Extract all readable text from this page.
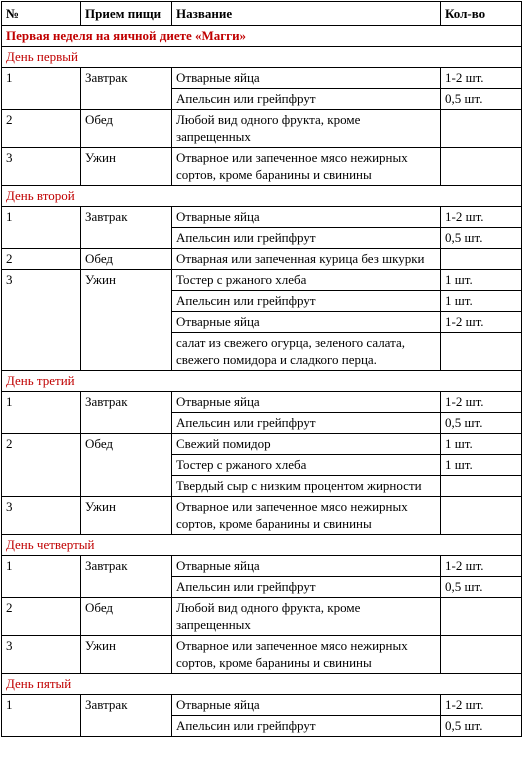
№	Прием пищи	Название	Кол-во
Первая неделя на яичной диете «Магги»			
День первый			
1	Завтрак	Отварные яйца	1-2 шт.
		Апельсин или грейпфрут	0,5 шт.
2	Обед	Любой вид одного фрукта, кроме запрещенных	
3	Ужин	Отварное или запеченное мясо нежирных сортов, кроме баранины и свинины	
День второй			
1	Завтрак	Отварные яйца	1-2 шт.
		Апельсин или грейпфрут	0,5 шт.
2	Обед	Отварная или запеченная курица без шкурки	
3	Ужин	Тостер с ржаного хлеба	1 шт.
		Апельсин или грейпфрут	1 шт.
		Отварные яйца	1-2 шт.
		салат из свежего огурца, зеленого салата, свежего помидора и сладкого перца.	
День третий			
1	Завтрак	Отварные яйца	1-2 шт.
		Апельсин или грейпфрут	0,5 шт.
2	Обед	Свежий помидор	1 шт.
		Тостер с ржаного хлеба	1 шт.
		Твердый сыр с низким процентом жирности	
3	Ужин	Отварное или запеченное мясо нежирных сортов, кроме баранины и свинины	
День четвертый			
1	Завтрак	Отварные яйца	1-2 шт.
		Апельсин или грейпфрут	0,5 шт.
2	Обед	Любой вид одного фрукта, кроме запрещенных	
3	Ужин	Отварное или запеченное мясо нежирных сортов, кроме баранины и свинины	
День пятый			
1	Завтрак	Отварные яйца	1-2 шт.
		Апельсин или грейпфрут	0,5 шт.
